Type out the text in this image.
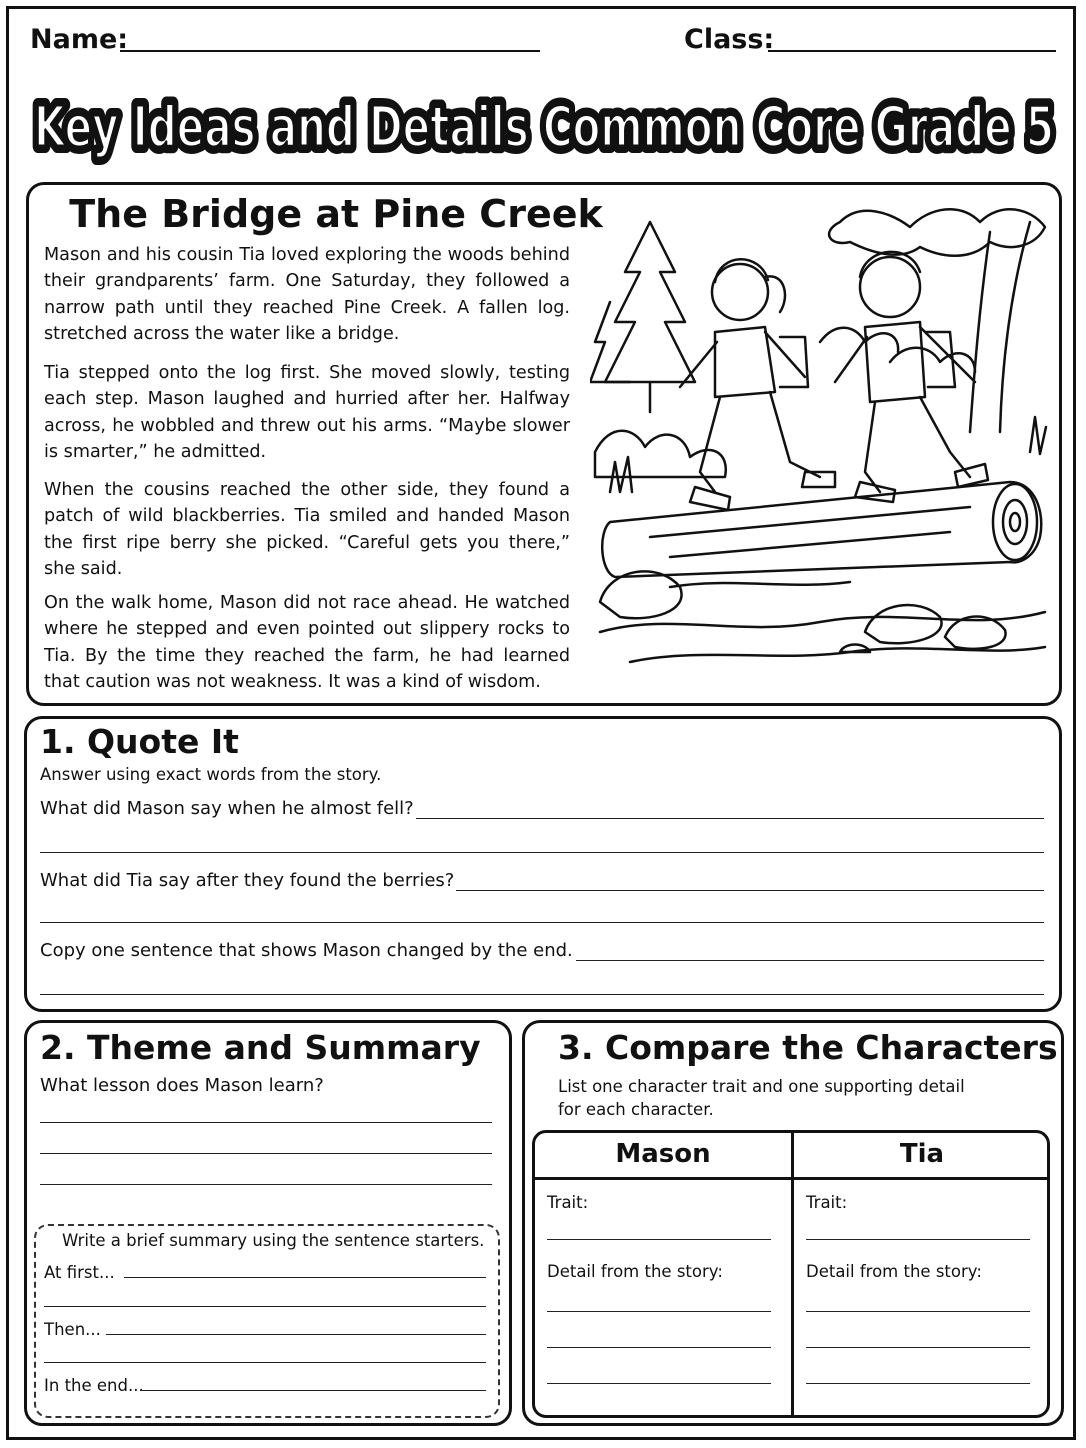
Name:	Class:
Key Ideas and Details Common Core Grade 5
Key Ideas and Details Common Core Grade 5
The Bridge at Pine Creek
Mason and his cousin Tia loved exploring the woods behind their grandparents’ farm. One Saturday, they followed a narrow path until they reached Pine Creek. A fallen log. stretched across the water like a bridge.
Tia stepped onto the log first. She moved slowly, testing each step. Mason laughed and hurried after her. Halfway across, he wobbled and threw out his arms. “Maybe slower is smarter,” he admitted.
When the cousins reached the other side, they found a patch of wild blackberries. Tia smiled and handed Mason the first ripe berry she picked. “Careful gets you there,” she said.
On the walk home, Mason did not race ahead. He watched where he stepped and even pointed out slippery rocks to Tia. By the time they reached the farm, he had learned that caution was not weakness. It was a kind of wisdom.
1. Quote It
Answer using exact words from the story.
What did Mason say when he almost fell?
What did Tia say after they found the berries?
Copy one sentence that shows Mason changed by the end.
2. Theme and Summary
What lesson does Mason learn?
Write a brief summary using the sentence starters.
At first...
Then...
In the end...
3. Compare the Characters
List one character trait and one supporting detail for each character.
Mason	Tia
Trait:
Detail from the story:
Trait:
Detail from the story:
